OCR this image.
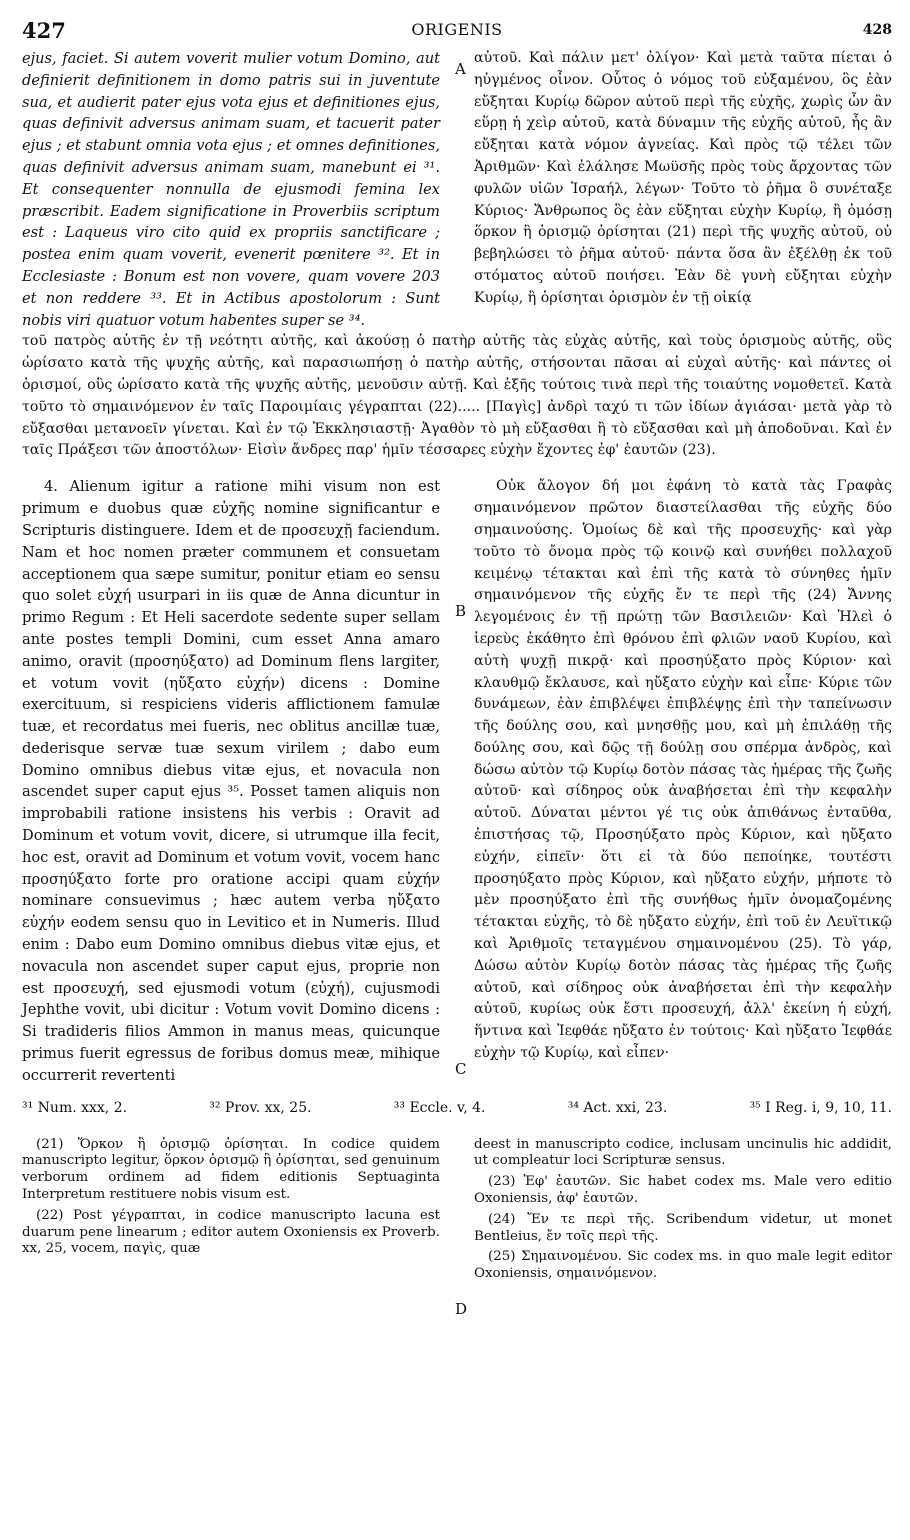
427	ORIGENIS	428
A
B
C
D

ejus, faciet. Si autem voverit mulier votum Domino, aut definierit definitionem in domo patris sui in juventute sua, et audierit pater ejus vota ejus et definitiones ejus, quas definivit adversus animam suam, et tacuerit pater ejus ; et stabunt omnia vota ejus ; et omnes definitiones, quas definivit adversus animam suam, manebunt ei ³¹. Et consequenter nonnulla de ejusmodi femina lex præscribit. Eadem significatione in Proverbiis scriptum est : Laqueus viro cito quid ex propriis sanctificare ; postea enim quam voverit, evenerit pœnitere ³². Et in Ecclesiaste : Bonum est non vovere, quam vovere 203 et non reddere ³³. Et in Actibus apostolorum : Sunt nobis viri quatuor votum habentes super se ³⁴.

αὐτοῦ. Καὶ πάλιν μετ' ὀλίγον· Καὶ μετὰ ταῦτα πίεται ὁ ηὐγμένος οἶνον. Οὗτος ὁ νόμος τοῦ εὐξαμένου, ὃς ἐὰν εὔξηται Κυρίῳ δῶρον αὐτοῦ περὶ τῆς εὐχῆς, χωρὶς ὧν ἂν εὕρῃ ἡ χεὶρ αὐτοῦ, κατὰ δύναμιν τῆς εὐχῆς αὐτοῦ, ἧς ἂν εὔξηται κατὰ νόμον ἁγνείας. Καὶ πρὸς τῷ τέλει τῶν Ἀριθμῶν· Καὶ ἐλάλησε Μωϋσῆς πρὸς τοὺς ἄρχοντας τῶν φυλῶν υἱῶν Ἰσραήλ, λέγων· Τοῦτο τὸ ῥῆμα ὃ συνέταξε Κύριος· Ἄνθρωπος ὃς ἐὰν εὔξηται εὐχὴν Κυρίῳ, ἢ ὀμόσῃ ὅρκον ἢ ὁρισμῷ ὁρίσηται (21) περὶ τῆς ψυχῆς αὐτοῦ, οὐ βεβηλώσει τὸ ῥῆμα αὐτοῦ· πάντα ὅσα ἂν ἐξέλθῃ ἐκ τοῦ στόματος αὐτοῦ ποιήσει. Ἐὰν δὲ γυνὴ εὔξηται εὐχὴν Κυρίῳ, ἢ ὁρίσηται ὁρισμὸν ἐν τῇ οἰκίᾳ

τοῦ πατρὸς αὐτῆς ἐν τῇ νεότητι αὐτῆς, καὶ ἀκούσῃ ὁ πατὴρ αὐτῆς τὰς εὐχὰς αὐτῆς, καὶ τοὺς ὁρισμοὺς αὐτῆς, οὓς ὡρίσατο κατὰ τῆς ψυχῆς αὐτῆς, καὶ παρασιωπήσῃ ὁ πατὴρ αὐτῆς, στήσονται πᾶσαι αἱ εὐχαὶ αὐτῆς· καὶ πάντες οἱ ὁρισμοί, οὓς ὡρίσατο κατὰ τῆς ψυχῆς αὐτῆς, μενοῦσιν αὐτῇ. Καὶ ἑξῆς τούτοις τινὰ περὶ τῆς τοιαύτης νομοθετεῖ. Κατὰ τοῦτο τὸ σημαινόμενον ἐν ταῖς Παροιμίαις γέγραπται (22)..... [Παγὶς] ἀνδρὶ ταχύ τι τῶν ἰδίων ἁγιάσαι· μετὰ γὰρ τὸ εὔξασθαι μετανοεῖν γίνεται. Καὶ ἐν τῷ Ἐκκλησιαστῇ· Ἀγαθὸν τὸ μὴ εὔξασθαι ἢ τὸ εὔξασθαι καὶ μὴ ἀποδοῦναι. Καὶ ἐν ταῖς Πράξεσι τῶν ἀποστόλων· Εἰσὶν ἄνδρες παρ' ἡμῖν τέσσαρες εὐχὴν ἔχοντες ἐφ' ἑαυτῶν (23).

4. Alienum igitur a ratione mihi visum non est primum e duobus quæ εὐχῆς nomine significantur e Scripturis distinguere. Idem et de προσευχῇ faciendum. Nam et hoc nomen præter communem et consuetam acceptionem qua sæpe sumitur, ponitur etiam eo sensu quo solet εὐχή usurpari in iis quæ de Anna dicuntur in primo Regum : Et Heli sacerdote sedente super sellam ante postes templi Domini, cum esset Anna amaro animo, oravit (προσηύξατο) ad Dominum flens largiter, et votum vovit (ηὔξατο εὐχήν) dicens : Domine exercituum, si respiciens videris afflictionem famulæ tuæ, et recordatus mei fueris, nec oblitus ancillæ tuæ, dederisque servæ tuæ sexum virilem ; dabo eum Domino omnibus diebus vitæ ejus, et novacula non ascendet super caput ejus ³⁵. Posset tamen aliquis non improbabili ratione insistens his verbis : Oravit ad Dominum et votum vovit, dicere, si utrumque illa fecit, hoc est, oravit ad Dominum et votum vovit, vocem hanc προσηύξατο forte pro oratione accipi quam εὐχήν nominare consuevimus ; hæc autem verba ηὔξατο εὐχήν eodem sensu quo in Levitico et in Numeris. Illud enim : Dabo eum Domino omnibus diebus vitæ ejus, et novacula non ascendet super caput ejus, proprie non est προσευχή, sed ejusmodi votum (εὐχή), cujusmodi Jephthe vovit, ubi dicitur : Votum vovit Domino dicens : Si tradideris filios Ammon in manus meas, quicunque primus fuerit egressus de foribus domus meæ, mihique occurrerit revertenti

Οὐκ ἄλογον δή μοι ἐφάνη τὸ κατὰ τὰς Γραφὰς σημαινόμενον πρῶτον διαστείλασθαι τῆς εὐχῆς δύο σημαινούσης. Ὁμοίως δὲ καὶ τῆς προσευχῆς· καὶ γὰρ τοῦτο τὸ ὄνομα πρὸς τῷ κοινῷ καὶ συνήθει πολλαχοῦ κειμένῳ τέτακται καὶ ἐπὶ τῆς κατὰ τὸ σύνηθες ἡμῖν σημαινόμενον τῆς εὐχῆς ἔν τε περὶ τῆς (24) Ἄννης λεγομένοις ἐν τῇ πρώτῃ τῶν Βασιλειῶν· Καὶ Ἡλεὶ ὁ ἱερεὺς ἐκάθητο ἐπὶ θρόνου ἐπὶ φλιῶν ναοῦ Κυρίου, καὶ αὐτὴ ψυχῇ πικρᾷ· καὶ προσηύξατο πρὸς Κύριον· καὶ κλαυθμῷ ἔκλαυσε, καὶ ηὔξατο εὐχὴν καὶ εἶπε· Κύριε τῶν δυνάμεων, ἐὰν ἐπιβλέψει ἐπιβλέψῃς ἐπὶ τὴν ταπείνωσιν τῆς δούλης σου, καὶ μνησθῇς μου, καὶ μὴ ἐπιλάθῃ τῆς δούλης σου, καὶ δῷς τῇ δούλῃ σου σπέρμα ἀνδρὸς, καὶ δώσω αὐτὸν τῷ Κυρίῳ δοτὸν πάσας τὰς ἡμέρας τῆς ζωῆς αὐτοῦ· καὶ σίδηρος οὐκ ἀναβήσεται ἐπὶ τὴν κεφαλὴν αὐτοῦ. Δύναται μέντοι γέ τις οὐκ ἀπιθάνως ἐνταῦθα, ἐπιστήσας τῷ, Προσηύξατο πρὸς Κύριον, καὶ ηὔξατο εὐχήν, εἰπεῖν· ὅτι εἰ τὰ δύο πεποίηκε, τουτέστι προσηύξατο πρὸς Κύριον, καὶ ηὔξατο εὐχήν, μήποτε τὸ μὲν προσηύξατο ἐπὶ τῆς συνήθως ἡμῖν ὀνομαζομένης τέτακται εὐχῆς, τὸ δὲ ηὔξατο εὐχήν, ἐπὶ τοῦ ἐν Λευϊτικῷ καὶ Ἀριθμοῖς τεταγμένου σημαινομένου (25). Τὸ γάρ, Δώσω αὐτὸν Κυρίῳ δοτὸν πάσας τὰς ἡμέρας τῆς ζωῆς αὐτοῦ, καὶ σίδηρος οὐκ ἀναβήσεται ἐπὶ τὴν κεφαλὴν αὐτοῦ, κυρίως οὐκ ἔστι προσευχή, ἀλλ' ἐκείνη ἡ εὐχή, ἥντινα καὶ Ἰεφθάε ηὔξατο ἐν τούτοις· Καὶ ηὔξατο Ἰεφθάε εὐχὴν τῷ Κυρίῳ, καὶ εἶπεν·

³¹ Num. xxx, 2.	³² Prov. xx, 25.	³³ Eccle. v, 4.	³⁴ Act. xxi, 23.	³⁵ I Reg. i, 9, 10, 11.

(21) Ὅρκον ἢ ὁρισμῷ ὁρίσηται. In codice quidem manuscripto legitur, ὅρκον ὁρισμῷ ἢ ὁρίσηται, sed genuinum verborum ordinem ad fidem editionis Septuaginta Interpretum restituere nobis visum est.

(22) Post γέγραπται, in codice manuscripto lacuna est duarum pene linearum ; editor autem Oxoniensis ex Proverb. xx, 25, vocem, παγὶς, quæ

deest in manuscripto codice, inclusam uncinulis hic addidit, ut compleatur loci Scripturæ sensus.

(23) Ἐφ' ἑαυτῶν. Sic habet codex ms. Male vero editio Oxoniensis, ἀφ' ἑαυτῶν.

(24) Ἔν τε περὶ τῆς. Scribendum videtur, ut monet Bentleius, ἔν τοῖς περὶ τῆς.

(25) Σημαινομένου. Sic codex ms. in quo male legit editor Oxoniensis, σημαινόμενον.
